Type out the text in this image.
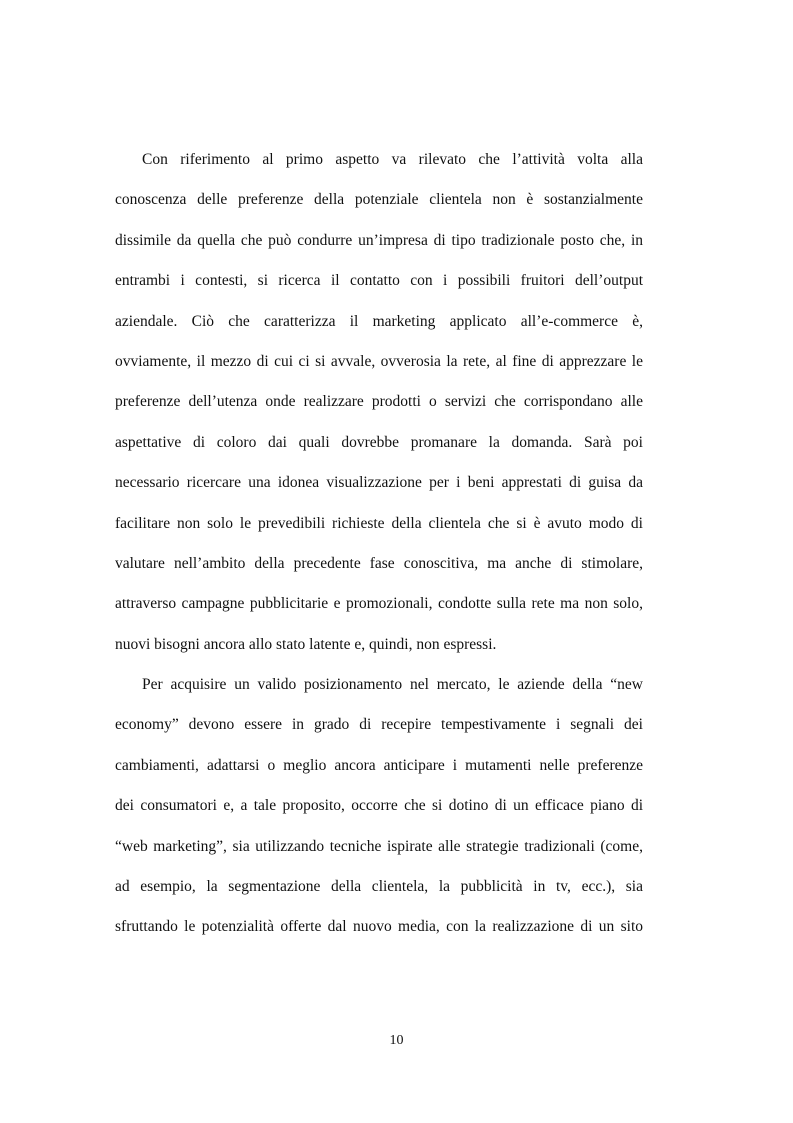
Con riferimento al primo aspetto va rilevato che l’attività volta alla
conoscenza delle preferenze della potenziale clientela non è sostanzialmente
dissimile da quella che può condurre un’impresa di tipo tradizionale posto che, in
entrambi i contesti, si ricerca il contatto con i possibili fruitori dell’output
aziendale. Ciò che caratterizza il marketing applicato all’e-commerce è,
ovviamente, il mezzo di cui ci si avvale, ovverosia la rete, al fine di apprezzare le
preferenze dell’utenza onde realizzare prodotti o servizi che corrispondano alle
aspettative di coloro dai quali dovrebbe promanare la domanda. Sarà poi
necessario ricercare una idonea visualizzazione per i beni apprestati di guisa da
facilitare non solo le prevedibili richieste della clientela che si è avuto modo di
valutare nell’ambito della precedente fase conoscitiva, ma anche di stimolare,
attraverso campagne pubblicitarie e promozionali, condotte sulla rete ma non solo,
nuovi bisogni ancora allo stato latente e, quindi, non espressi.
Per acquisire un valido posizionamento nel mercato, le aziende della “new
economy” devono essere in grado di recepire tempestivamente i segnali dei
cambiamenti, adattarsi o meglio ancora anticipare i mutamenti nelle preferenze
dei consumatori e, a tale proposito, occorre che si dotino di un efficace piano di
“web marketing”, sia utilizzando tecniche ispirate alle strategie tradizionali (come,
ad esempio, la segmentazione della clientela, la pubblicità in tv, ecc.), sia
sfruttando le potenzialità offerte dal nuovo media, con la realizzazione di un sito
10
